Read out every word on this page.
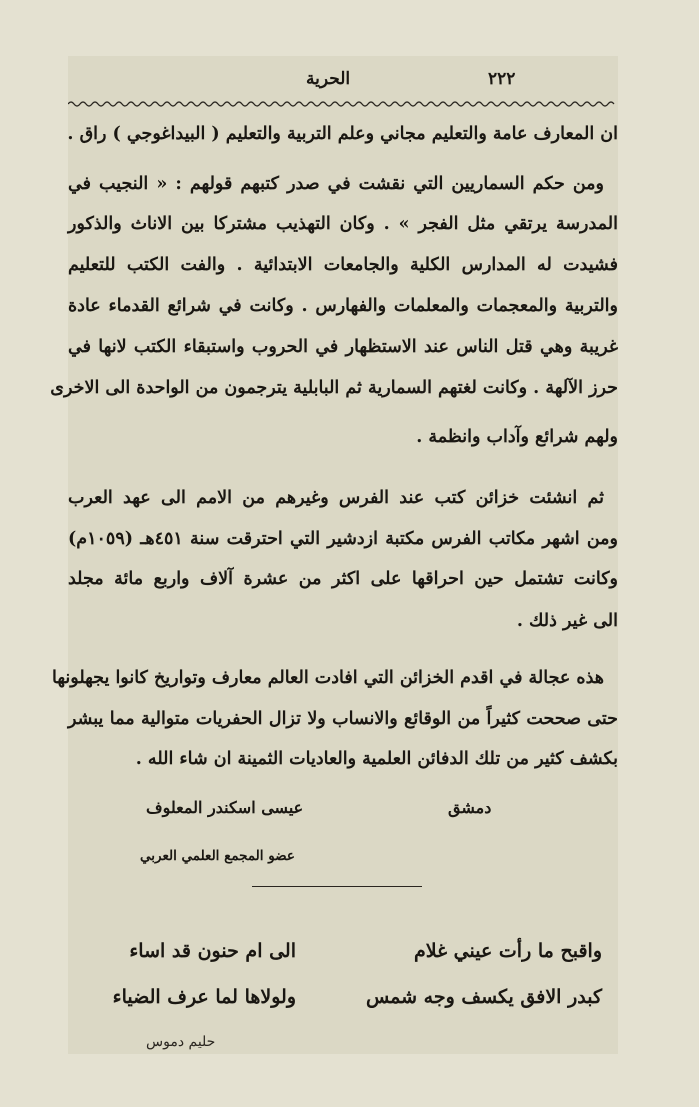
٢٢٢
الحرية
ان المعارف عامة والتعليم مجاني وعلم التربية والتعليم ( البيداغوجي ) راق .
ومن حكم السماريين التي نقشت في صدر كتبهم قولهم : « النجيب في
المدرسة يرتقي مثل الفجر » . وكان التهذيب مشتركا بين الاناث والذكور
فشيدت له المدارس الكلية والجامعات الابتدائية . والفت الكتب للتعليم
والتربية والمعجمات والمعلمات والفهارس . وكانت في شرائع القدماء عادة
غريبة وهي قتل الناس عند الاستظهار في الحروب واستبقاء الكتب لانها في
حرز الآلهة . وكانت لغتهم السمارية ثم البابلية يترجمون من الواحدة الى الاخرى
ولهم شرائع وآداب وانظمة .
ثم انشئت خزائن كتب عند الفرس وغيرهم من الامم الى عهد العرب
ومن اشهر مكاتب الفرس مكتبة ازدشير التي احترقت سنة ٤٥١هـ (١٠٥٩م)
وكانت تشتمل حين احراقها على اكثر من عشرة آلاف واربع مائة مجلد
الى غير ذلك .
هذه عجالة في اقدم الخزائن التي افادت العالم معارف وتواريخ كانوا يجهلونها
حتى صححت كثيراً من الوقائع والانساب ولا تزال الحفريات متوالية مما يبشر
بكشف كثير من تلك الدفائن العلمية والعاديات الثمينة ان شاء الله .
دمشق
عيسى اسكندر المعلوف
عضو المجمع العلمي العربي
واقبح ما رأت عيني غلام
الى ام حنون قد اساء
كبدر الافق يكسف وجه شمس
ولولاها لما عرف الضياء
حليم دموس
